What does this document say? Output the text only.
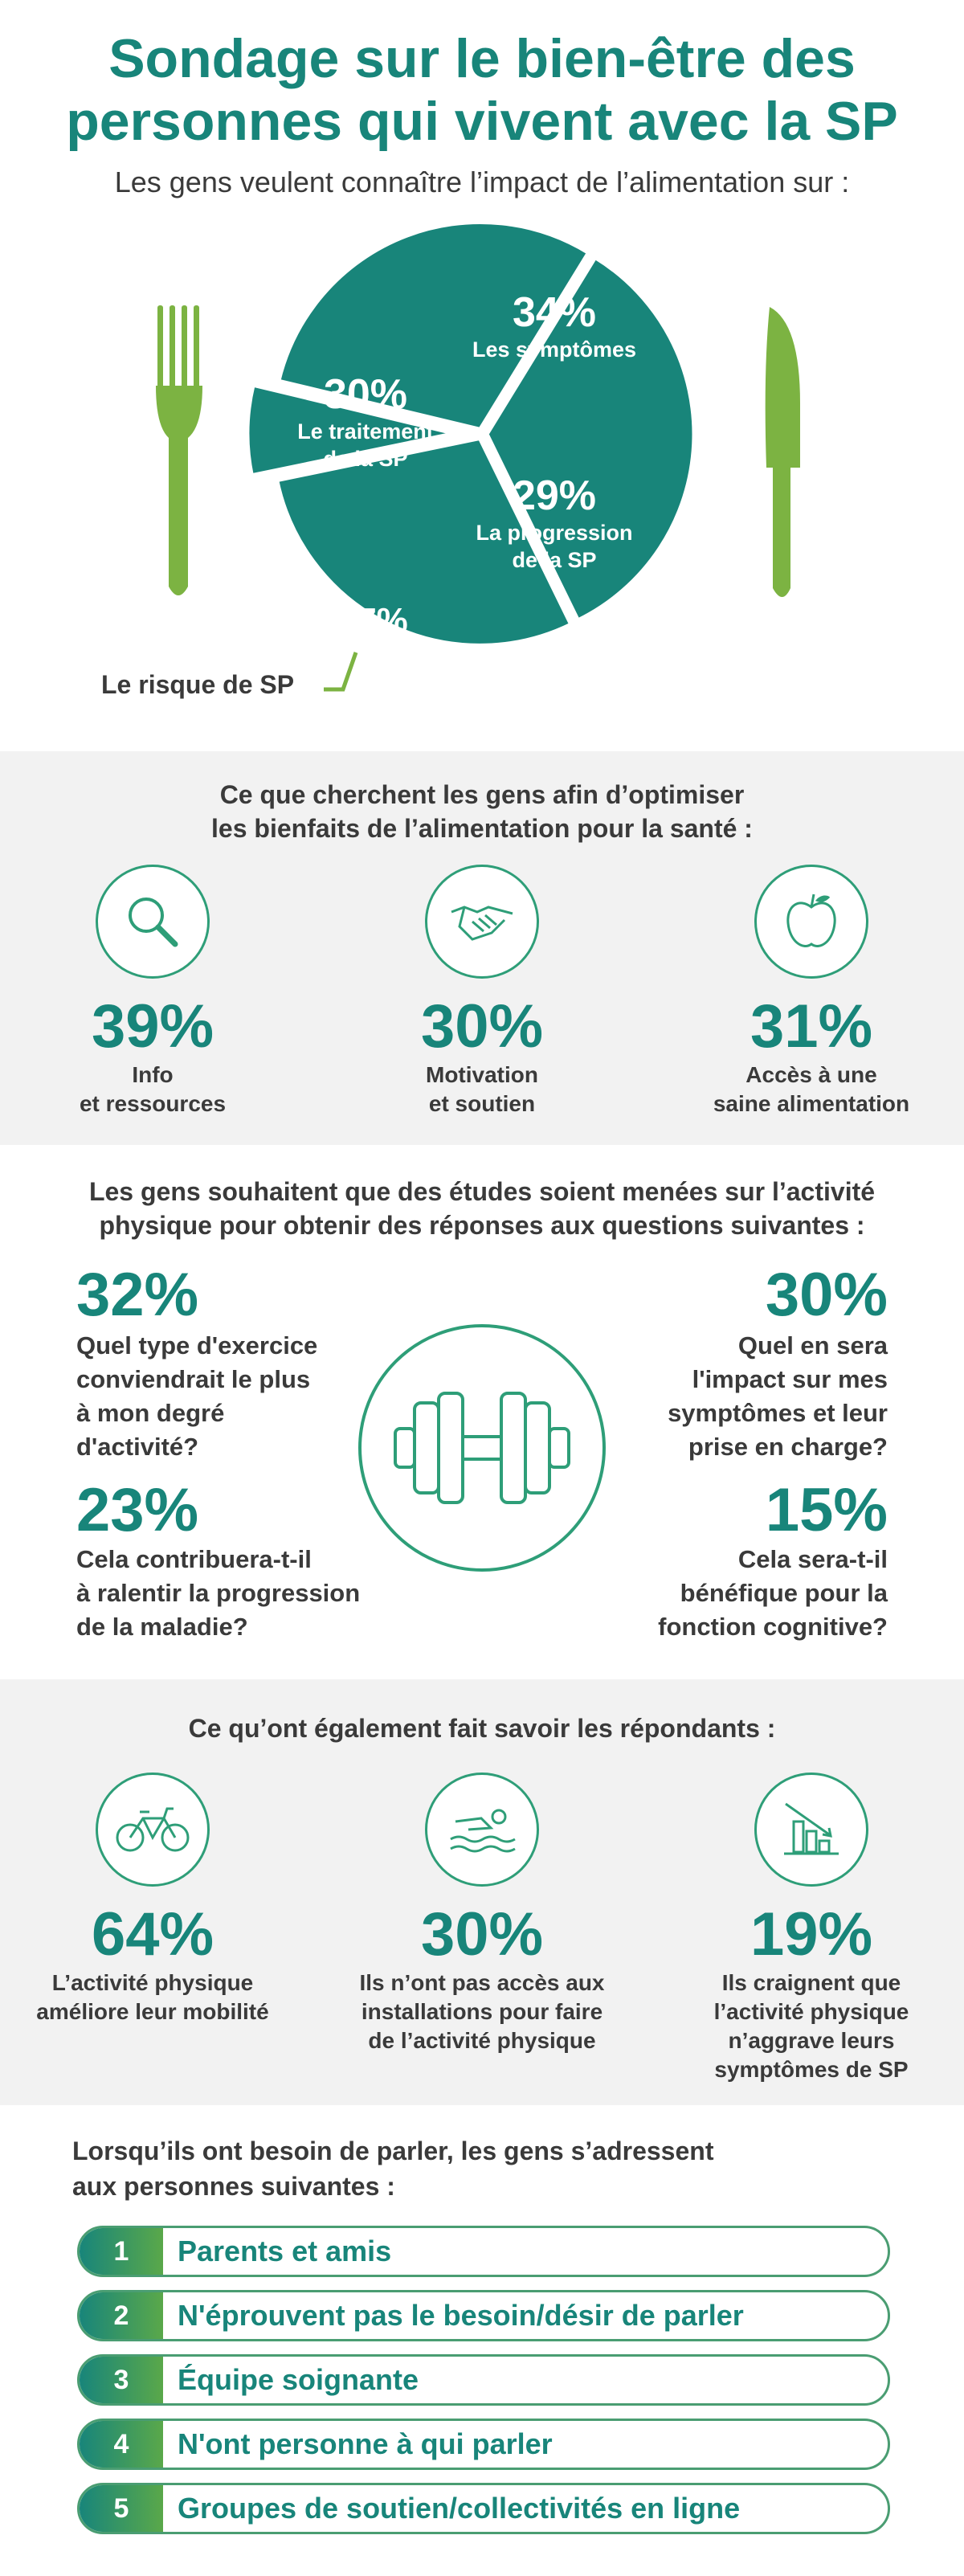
Sondage sur le bien-être des
personnes qui vivent avec la SP
Les gens veulent connaître l’impact de l’alimentation sur :
34%
Les symptômes
29%
La progression
de la SP
30%
Le traitement
de la SP
7%
Le risque de SP
Ce que cherchent les gens afin d’optimiser
les bienfaits de l’alimentation pour la santé :
39%
Info
et ressources
30%
Motivation
et soutien
31%
Accès à une
saine alimentation
Les gens souhaitent que des études soient menées sur l’activité
physique pour obtenir des réponses aux questions suivantes :
32%
Quel type d'exercice
conviendrait le plus
à mon degré
d'activité?
30%
Quel en sera
l'impact sur mes
symptômes et leur
prise en charge?
23%
Cela contribuera-t-il
à ralentir la progression
de la maladie?
15%
Cela sera-t-il
bénéfique pour la
fonction cognitive?
Ce qu’ont également fait savoir les répondants :
64%
L’activité physique
améliore leur mobilité
30%
Ils n’ont pas accès aux
installations pour faire
de l’activité physique
19%
Ils craignent que
l’activité physique
n’aggrave leurs
symptômes de SP
Lorsqu’ils ont besoin de parler, les gens s’adressent
aux personnes suivantes :
1	Parents et amis
2	N'éprouvent pas le besoin/désir de parler
3	Équipe soignante
4	N'ont personne à qui parler
5	Groupes de soutien/collectivités en ligne
